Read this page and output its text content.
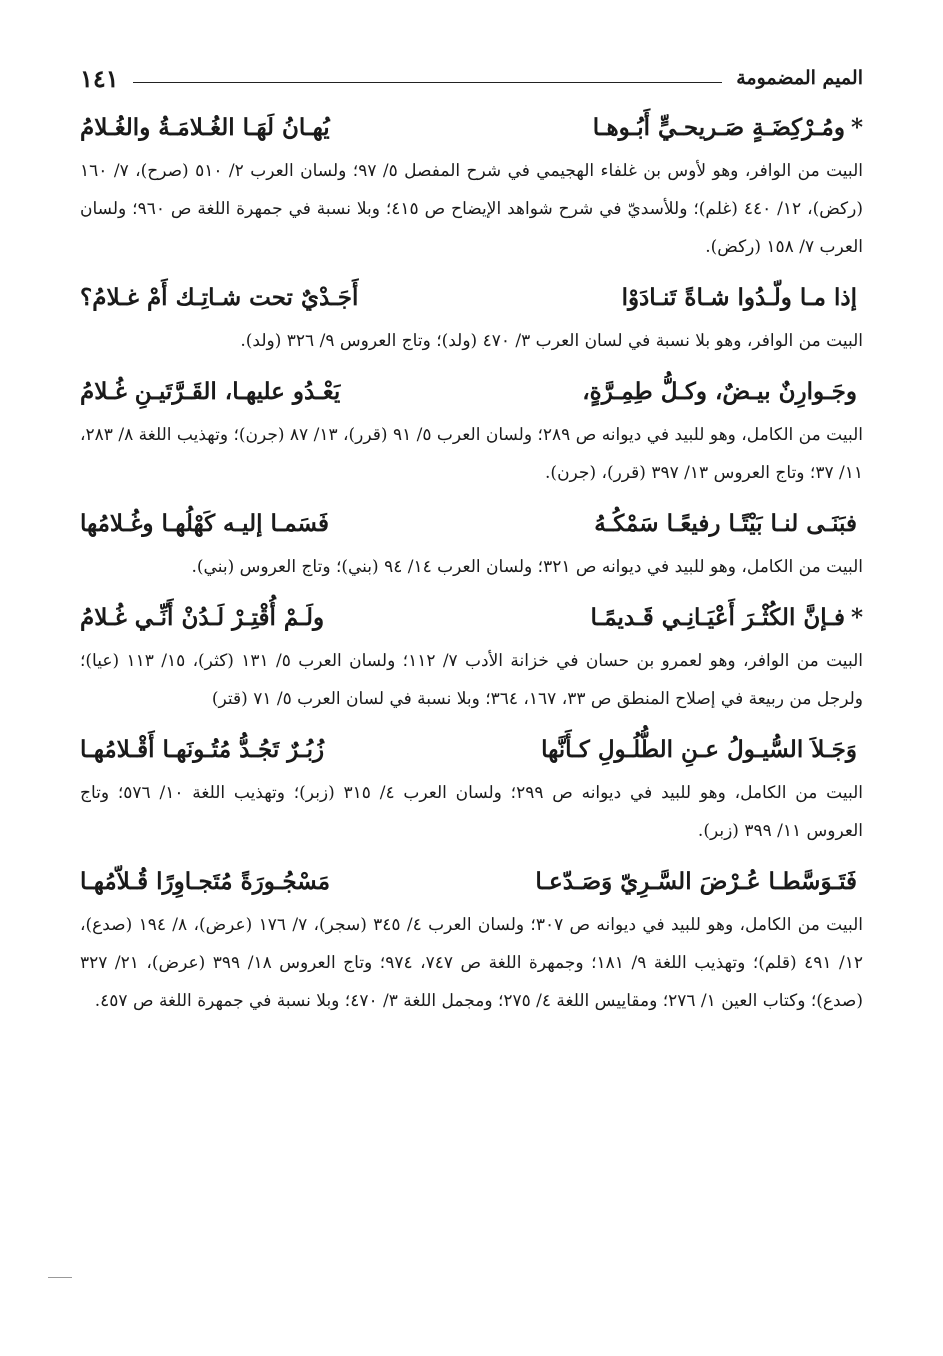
الميم المضمومة
١٤١
*ومُـرْكِضَـةٍ صَـريحـيٍّ أَبُـوهـا
يُهـانُ لَهَـا الغُـلامَـةُ والغُـلامُ

البيت من الوافر، وهو لأوس بن غلفاء الهجيمي في شرح المفصل ٥/ ٩٧؛ ولسان العرب ٢/ ٥١٠ (صرح)، ٧/ ١٦٠ (ركض)، ١٢/ ٤٤٠ (غلم)؛ وللأسديّ في شرح شواهد الإيضاح ص ٤١٥؛ وبلا نسبة في جمهرة اللغة ص ٩٦٠؛ ولسان العرب ٧/ ١٥٨ (ركض).

إذا مـا ولّـدُوا شـاةً تَنـادَوْا
أَجَـدْيٌ تحت شـاتِـك أَمْ غـلامُ؟

البيت من الوافر، وهو بلا نسبة في لسان العرب ٣/ ٤٧٠ (ولد)؛ وتاج العروس ٩/ ٣٢٦ (ولد).

وجَـوارِنٌ بيـضٌ، وكـلُّ طِمِـرَّةٍ،
يَعْـدُو عليهـا، القَـرَّتَيـنِ غُـلامُ

البيت من الكامل، وهو للبيد في ديوانه ص ٢٨٩؛ ولسان العرب ٥/ ٩١ (قرر)، ١٣/ ٨٧ (جرن)؛ وتهذيب اللغة ٨/ ٢٨٣، ١١/ ٣٧؛ وتاج العروس ١٣/ ٣٩٧ (قرر)، (جرن).

فبَنَـى لنـا بَيْتًـا رفيعًـا سَمْكُـهُ
فَسَمـا إليـه كَهْلُهـا وغُـلامُها

البيت من الكامل، وهو للبيد في ديوانه ص ٣٢١؛ ولسان العرب ١٤/ ٩٤ (بني)؛ وتاج العروس (بني).

*فـإنَّ الكُثْـرَ أَعْيَـانِـي قَـديمًـا
ولَـمْ أُقْتِـرْ لَـدُنْ أَنِّـي غُـلامُ

البيت من الوافر، وهو لعمرو بن حسان في خزانة الأدب ٧/ ١١٢؛ ولسان العرب ٥/ ١٣١ (كثر)، ١٥/ ١١٣ (عيا)؛ ولرجل من ربيعة في إصلاح المنطق ص ٣٣، ١٦٧، ٣٦٤؛ وبلا نسبة في لسان العرب ٥/ ٧١ (قتر)

وَجَـلاَ السُّيـولُ عـنِ الطُّلُـولِ كـأَنَّها
زُبُـرٌ تَجُـدُّ مُتُـونَهـا أَقْـلامُهـا

البيت من الكامل، وهو للبيد في ديوانه ص ٢٩٩؛ ولسان العرب ٤/ ٣١٥ (زبر)؛ وتهذيب اللغة ١٠/ ٥٧٦؛ وتاج العروس ١١/ ٣٩٩ (زبر).

فَتَـوَسَّطـا عُـرْضَ السَّـرِيّ وَصَـدّعـا
مَسْجُـورَةً مُتَجـاوِرًا قُـلاّمُهـا

البيت من الكامل، وهو للبيد في ديوانه ص ٣٠٧؛ ولسان العرب ٤/ ٣٤٥ (سجر)، ٧/ ١٧٦ (عرض)، ٨/ ١٩٤ (صدع)، ١٢/ ٤٩١ (قلم)؛ وتهذيب اللغة ٩/ ١٨١؛ وجمهرة اللغة ص ٧٤٧، ٩٧٤؛ وتاج العروس ١٨/ ٣٩٩ (عرض)، ٢١/ ٣٢٧ (صدع)؛ وكتاب العين ١/ ٢٧٦؛ ومقاييس اللغة ٤/ ٢٧٥؛ ومجمل اللغة ٣/ ٤٧٠؛ وبلا نسبة في جمهرة اللغة ص ٤٥٧.
